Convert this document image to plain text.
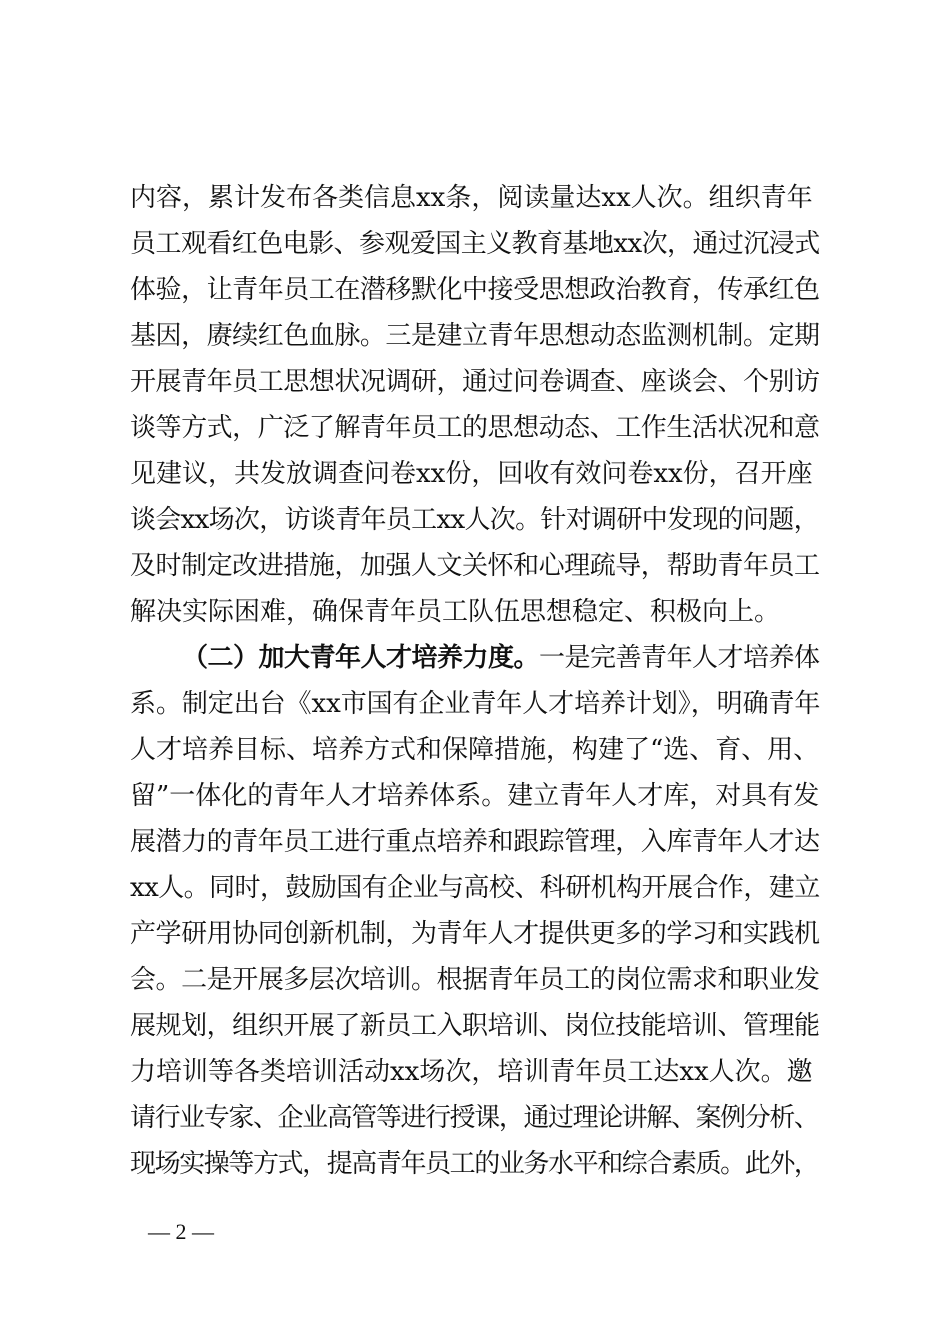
内容，累计发布各类信息xx条，阅读量达xx人次。组织青年
员工观看红色电影、参观爱国主义教育基地xx次，通过沉浸式
体验，让青年员工在潜移默化中接受思想政治教育，传承红色
基因，赓续红色血脉。三是建立青年思想动态监测机制。定期
开展青年员工思想状况调研，通过问卷调查、座谈会、个别访
谈等方式，广泛了解青年员工的思想动态、工作生活状况和意
见建议，共发放调查问卷xx份，回收有效问卷xx份，召开座
谈会xx场次，访谈青年员工xx人次。针对调研中发现的问题，
及时制定改进措施，加强人文关怀和心理疏导，帮助青年员工
解决实际困难，确保青年员工队伍思想稳定、积极向上。
（二）加大青年人才培养力度。一是完善青年人才培养体
系。制定出台《xx市国有企业青年人才培养计划》，明确青年
人才培养目标、培养方式和保障措施，构建了“选、育、用、
留”一体化的青年人才培养体系。建立青年人才库，对具有发
展潜力的青年员工进行重点培养和跟踪管理，入库青年人才达
xx人。同时，鼓励国有企业与高校、科研机构开展合作，建立
产学研用协同创新机制，为青年人才提供更多的学习和实践机
会。二是开展多层次培训。根据青年员工的岗位需求和职业发
展规划，组织开展了新员工入职培训、岗位技能培训、管理能
力培训等各类培训活动xx场次，培训青年员工达xx人次。邀
请行业专家、企业高管等进行授课，通过理论讲解、案例分析、
现场实操等方式，提高青年员工的业务水平和综合素质。此外，
— 2 —
